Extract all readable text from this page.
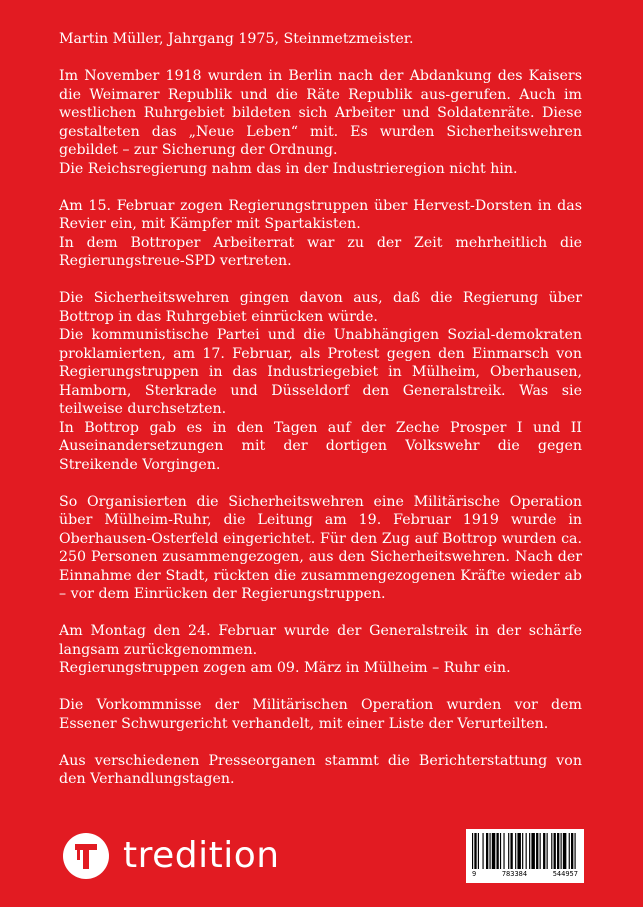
Martin Müller, Jahrgang 1975, Steinmetzmeister.

Im November 1918 wurden in Berlin nach der Abdankung des Kaisers die Weimarer Republik und die Räte Republik aus-gerufen. Auch im westlichen Ruhrgebiet bildeten sich Arbeiter und Soldatenräte. Diese gestalteten das „Neue Leben“ mit. Es wurden Sicherheitswehren gebildet – zur Sicherung der Ordnung.
Die Reichsregierung nahm das in der Industrieregion nicht hin.

Am 15. Februar zogen Regierungstruppen über Hervest-Dorsten in das Revier ein, mit Kämpfer mit Spartakisten.
In dem Bottroper Arbeiterrat war zu der Zeit mehrheitlich die Regierungstreue-SPD vertreten.

Die Sicherheitswehren gingen davon aus, daß die Regierung über Bottrop in das Ruhrgebiet einrücken würde.
Die kommunistische Partei und die Unabhängigen Sozial-demokraten proklamierten, am 17. Februar, als Protest gegen den Einmarsch von Regierungstruppen in das Industriegebiet in Mülheim, Oberhausen, Hamborn, Sterkrade und Düsseldorf den Generalstreik. Was sie teilweise durchsetzten.
In Bottrop gab es in den Tagen auf der Zeche Prosper I und II Auseinandersetzungen mit der dortigen Volkswehr die gegen Streikende Vorgingen.

So Organisierten die Sicherheitswehren eine Militärische Operation über Mülheim-Ruhr, die Leitung am 19. Februar 1919 wurde in Oberhausen-Osterfeld eingerichtet. Für den Zug auf Bottrop wurden ca. 250 Personen zusammengezogen, aus den Sicherheitswehren. Nach der Einnahme der Stadt, rückten die zusammengezogenen Kräfte wieder ab – vor dem Einrücken der Regierungstruppen.

Am Montag den 24. Februar wurde der Generalstreik in der schärfe langsam zurückgenommen.
Regierungstruppen zogen am 09. März in Mülheim – Ruhr ein.

Die Vorkommnisse der Militärischen Operation wurden vor dem Essener Schwurgericht verhandelt, mit einer Liste der Verurteilten.

Aus verschiedenen Presseorganen stammt die Berichterstattung von den Verhandlungstagen.

tredition	9	783384	544957
